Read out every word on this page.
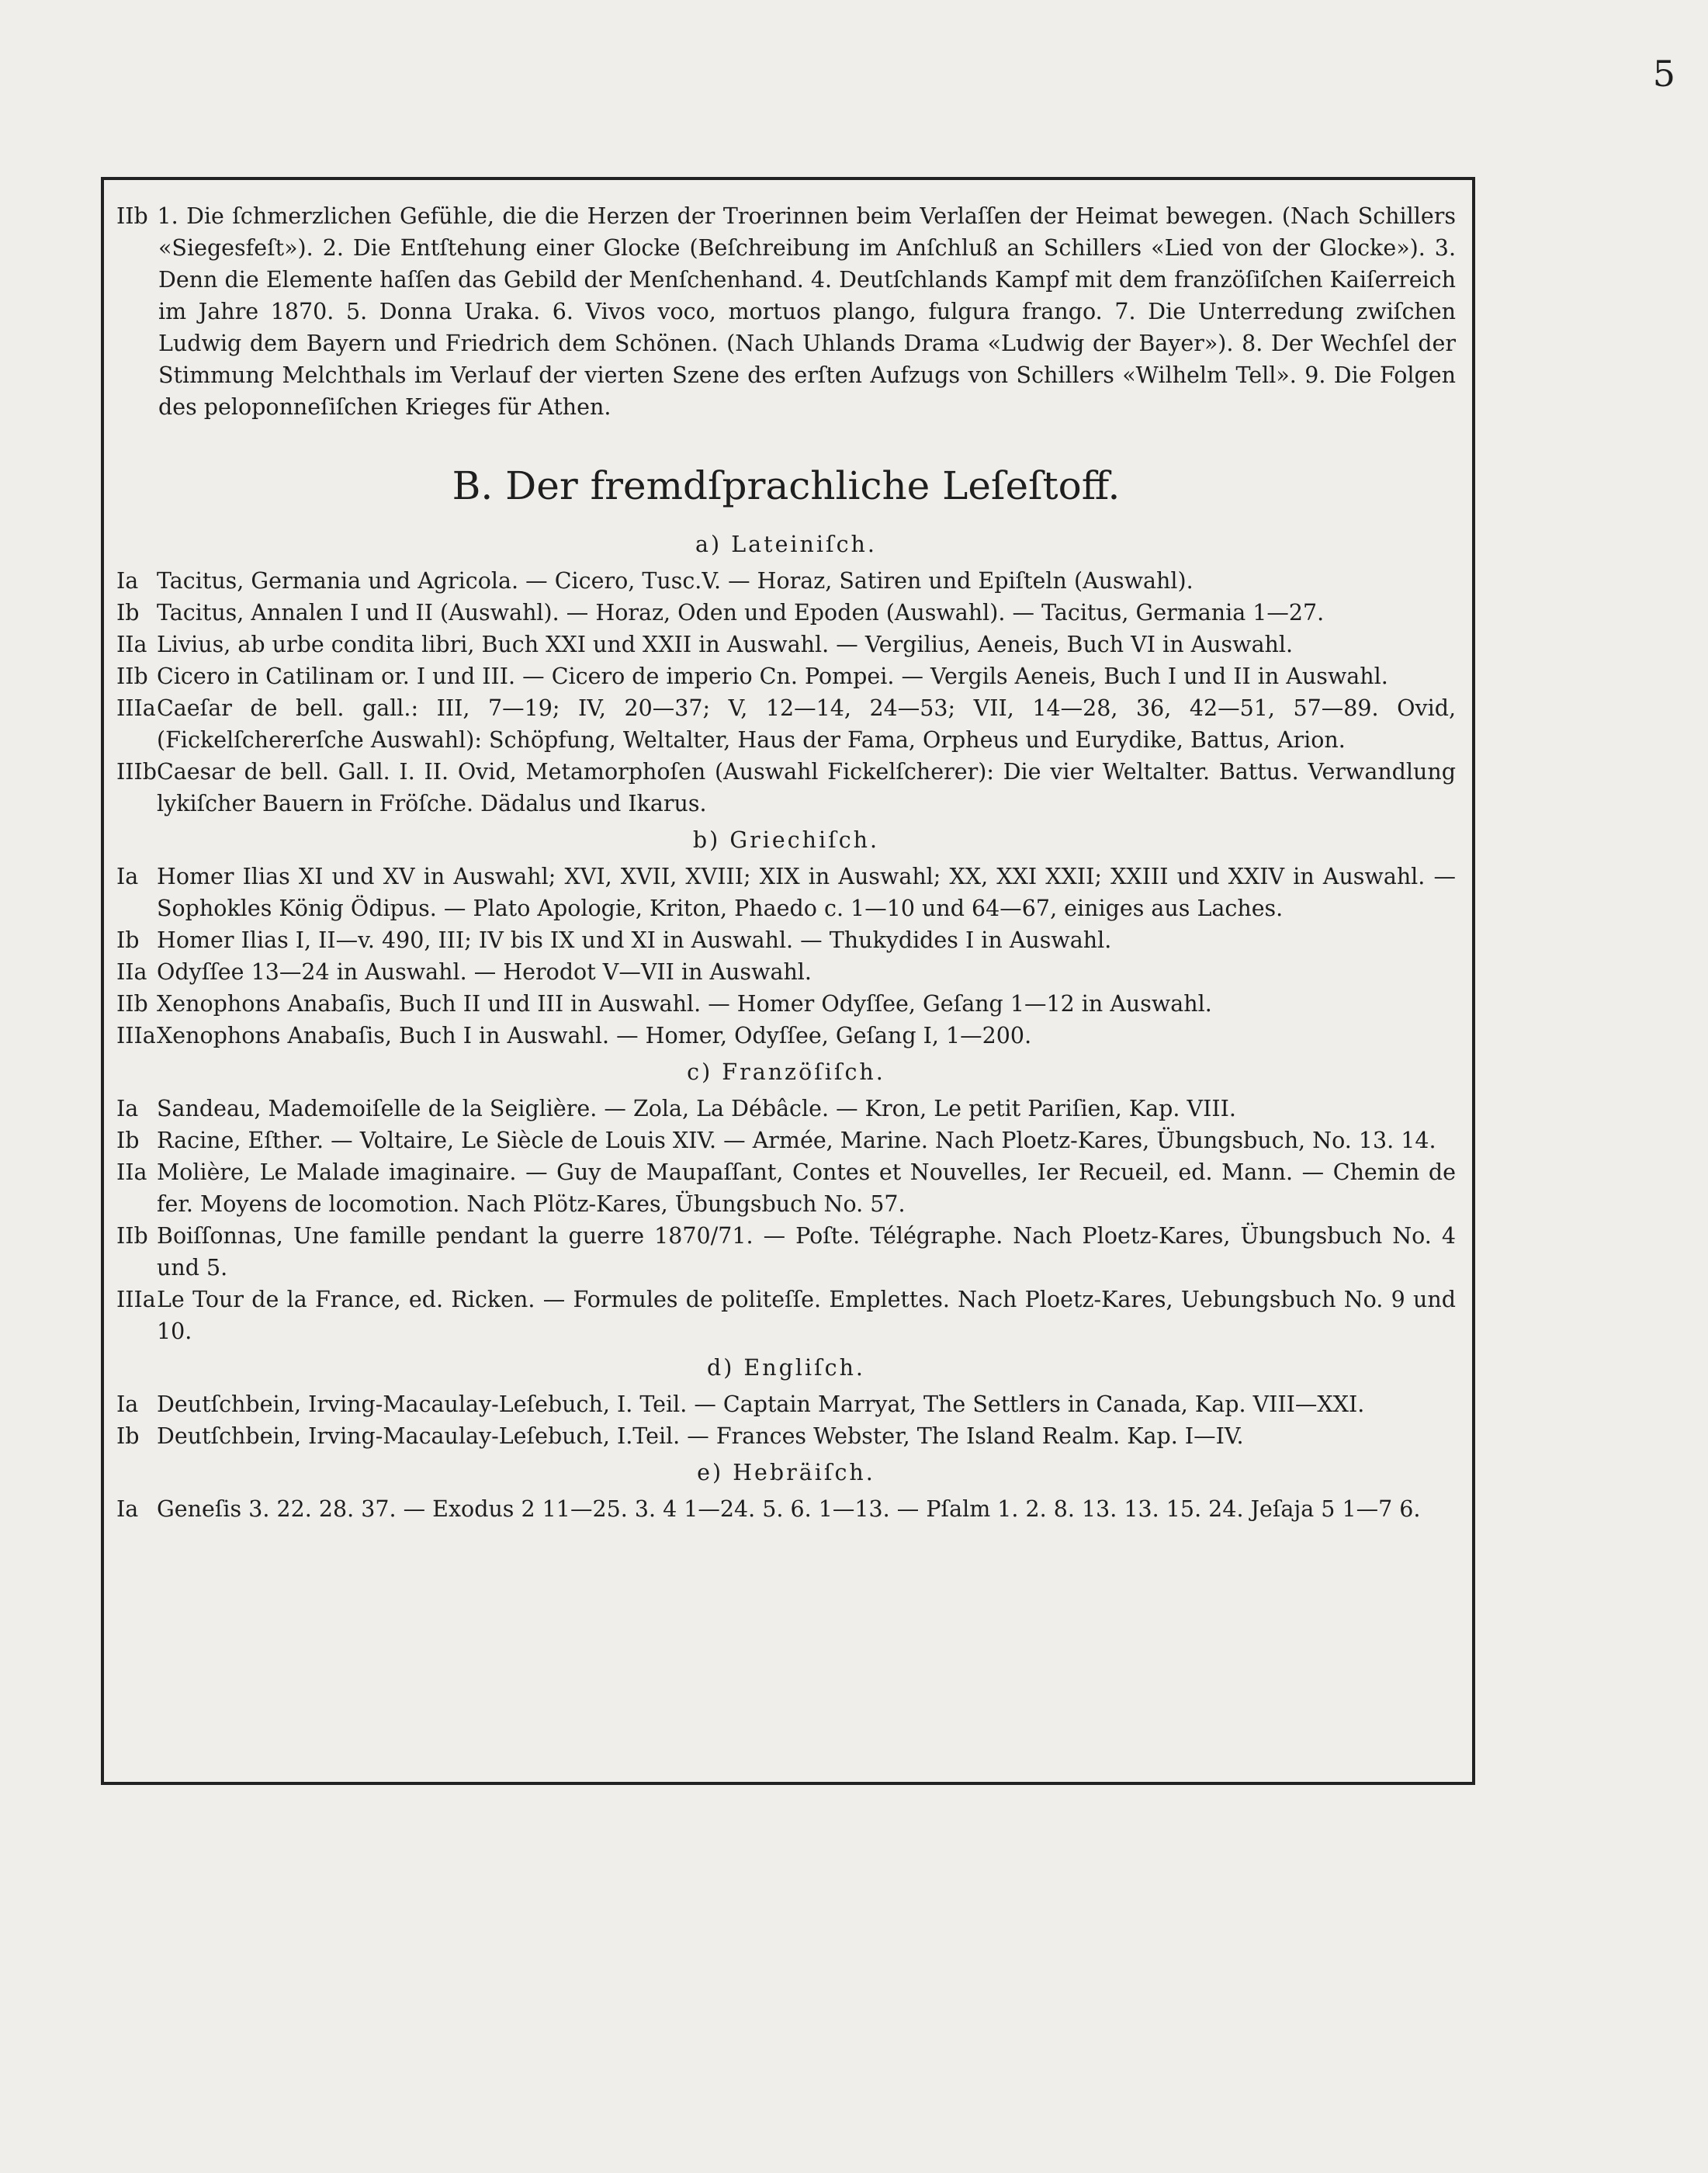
5

IIb 1. Die ſchmerzlichen Gefühle, die die Herzen der Troerinnen beim Verlaſſen der Heimat bewegen. (Nach Schillers «Siegesfeſt»). 2. Die Entſtehung einer Glocke (Beſchreibung im Anſchluß an Schillers «Lied von der Glocke»). 3. Denn die Elemente haſſen das Gebild der Menſchenhand. 4. Deutſchlands Kampf mit dem franzöſiſchen Kaiſerreich im Jahre 1870. 5. Donna Uraka. 6. Vivos voco, mortuos plango, fulgura frango. 7. Die Unterredung zwiſchen Ludwig dem Bayern und Friedrich dem Schönen. (Nach Uhlands Drama «Ludwig der Bayer»). 8. Der Wechſel der Stimmung Melchthals im Verlauf der vierten Szene des erſten Aufzugs von Schillers «Wilhelm Tell». 9. Die Folgen des peloponneſiſchen Krieges für Athen.

B. Der fremdſprachliche Leſeſtoff.
a) Lateiniſch.
Ia Tacitus, Germania und Agricola. — Cicero, Tusc.V. — Horaz, Satiren und Epiſteln (Auswahl).
Ib Tacitus, Annalen I und II (Auswahl). — Horaz, Oden und Epoden (Auswahl). — Tacitus, Germania 1—27.
IIa Livius, ab urbe condita libri, Buch XXI und XXII in Auswahl. — Vergilius, Aeneis, Buch VI in Auswahl.
IIb Cicero in Catilinam or. I und III. — Cicero de imperio Cn. Pompei. — Vergils Aeneis, Buch I und II in Auswahl.
IIIa Caeſar de bell. gall.: III, 7—19; IV, 20—37; V, 12—14, 24—53; VII, 14—28, 36, 42—51, 57—89. Ovid, (Fickelſchererſche Auswahl): Schöpfung, Weltalter, Haus der Fama, Orpheus und Eurydike, Battus, Arion.
IIIb Caesar de bell. Gall. I. II. Ovid, Metamorphoſen (Auswahl Fickelſcherer): Die vier Weltalter. Battus. Verwandlung lykiſcher Bauern in Fröſche. Dädalus und Ikarus.
b) Griechiſch.
Ia Homer Ilias XI und XV in Auswahl; XVI, XVII, XVIII; XIX in Auswahl; XX, XXI XXII; XXIII und XXIV in Auswahl. — Sophokles König Ödipus. — Plato Apologie, Kriton, Phaedo c. 1—10 und 64—67, einiges aus Laches.
Ib Homer Ilias I, II—v. 490, III; IV bis IX und XI in Auswahl. — Thukydides I in Auswahl.
IIa Odyſſee 13—24 in Auswahl. — Herodot V—VII in Auswahl.
IIb Xenophons Anabaſis, Buch II und III in Auswahl. — Homer Odyſſee, Geſang 1—12 in Auswahl.
IIIa Xenophons Anabaſis, Buch I in Auswahl. — Homer, Odyſſee, Geſang I, 1—200.
c) Franzöſiſch.
Ia Sandeau, Mademoiſelle de la Seiglière. — Zola, La Débâcle. — Kron, Le petit Pariſien, Kap. VIII.
Ib Racine, Eſther. — Voltaire, Le Siècle de Louis XIV. — Armée, Marine. Nach Ploetz-Kares, Übungsbuch, No. 13. 14.
IIa Molière, Le Malade imaginaire. — Guy de Maupaſſant, Contes et Nouvelles, Ier Recueil, ed. Mann. — Chemin de fer. Moyens de locomotion. Nach Plötz-Kares, Übungsbuch No. 57.
IIb Boiſſonnas, Une famille pendant la guerre 1870/71. — Poſte. Télégraphe. Nach Ploetz-Kares, Übungsbuch No. 4 und 5.
IIIa Le Tour de la France, ed. Ricken. — Formules de politeſſe. Emplettes. Nach Ploetz-Kares, Uebungsbuch No. 9 und 10.
d) Engliſch.
Ia Deutſchbein, Irving-Macaulay-Leſebuch, I. Teil. — Captain Marryat, The Settlers in Canada, Kap. VIII—XXI.
Ib Deutſchbein, Irving-Macaulay-Leſebuch, I.Teil. — Frances Webster, The Island Realm. Kap. I—IV.
e) Hebräiſch.
Ia Geneſis 3. 22. 28. 37. — Exodus 2 11—25. 3. 4 1—24. 5. 6. 1—13. — Pſalm 1. 2. 8. 13. 13. 15. 24. Jeſaja 5 1—7 6.
